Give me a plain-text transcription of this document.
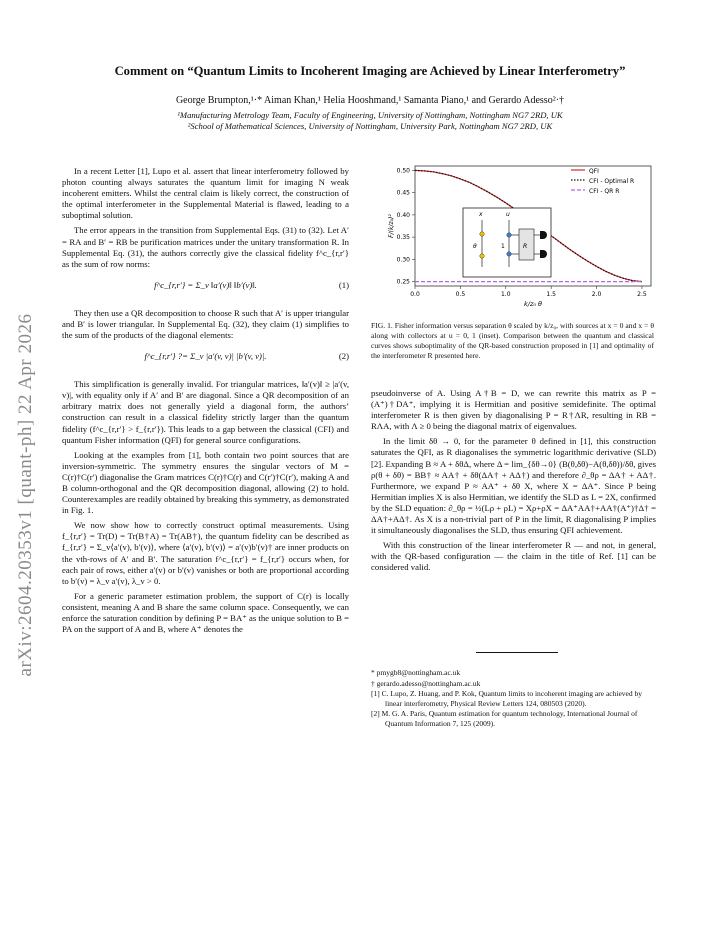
arXiv:2604.20353v1 [quant-ph] 22 Apr 2026
Comment on “Quantum Limits to Incoherent Imaging are Achieved by Linear Interferometry”
George Brumpton,¹·* Aiman Khan,¹ Helia Hooshmand,¹ Samanta Piano,¹ and Gerardo Adesso²·†
¹Manufacturing Metrology Team, Faculty of Engineering, University of Nottingham, Nottingham NG7 2RD, UK
²School of Mathematical Sciences, University of Nottingham, University Park, Nottingham NG7 2RD, UK

In a recent Letter [1], Lupo et al. assert that linear interferometry followed by photon counting always saturates the quantum limit for imaging N weak incoherent emitters. Whilst the central claim is likely correct, the construction of the optimal interferometer in the Supplemental Material is flawed, leading to a suboptimal solution.

The error appears in the transition from Supplemental Eqs. (31) to (32). Let A′ = RA and B′ = RB be purification matrices under the unitary transformation R. In Supplemental Eq. (31), the authors correctly give the classical fidelity f^c_{r,r′} as the sum of row norms:

f^c_{r,r′} = Σ_v ‖a′(v)‖ ‖b′(v)‖.	(1)

They then use a QR decomposition to choose R such that A′ is upper triangular and B′ is lower triangular. In Supplemental Eq. (32), they claim (1) simplifies to the sum of the products of the diagonal elements:

f^c_{r,r′} ?= Σ_v |a′(v, v)| |b′(v, v)|.	(2)

This simplification is generally invalid. For triangular matrices, ‖a′(v)‖ ≥ |a′(v, v)|, with equality only if A′ and B′ are diagonal. Since a QR decomposition of an arbitrary matrix does not generally yield a diagonal form, the authors’ construction can result in a classical fidelity strictly larger than the quantum fidelity (f^c_{r,r′} > f_{r,r′}). This leads to a gap between the classical (CFI) and quantum Fisher information (QFI) for general source configurations.

Looking at the examples from [1], both contain two point sources that are inversion-symmetric. The symmetry ensures the singular vectors of M = C(r)†C(r′) diagonalise the Gram matrices C(r)†C(r) and C(r′)†C(r′), making A and B column-orthogonal and the QR decomposition diagonal, allowing (2) to hold. Counterexamples are readily obtained by breaking this symmetry, as demonstrated in Fig. 1.

We now show how to correctly construct optimal measurements. Using f_{r,r′} = Tr(D) = Tr(B†A) = Tr(AB†), the quantum fidelity can be described as f_{r,r′} = Σ_v⟨a′(v), b′(v)⟩, where ⟨a′(v), b′(v)⟩ = a′(v)b′(v)† are inner products on the vth-rows of A′ and B′. The saturation f^c_{r,r′} = f_{r,r′} occurs when, for each pair of rows, either a′(v) or b′(v) vanishes or both are proportional according to b′(v) = λ_v a′(v), λ_v > 0.

For a generic parameter estimation problem, the support of C(r) is locally consistent, meaning A and B share the same column space. Consequently, we can enforce the saturation condition by defining P = BA⁺ as the unique solution to B = PA on the support of A and B, where A⁺ denotes the

0.0	0.5	1.0	1.5	2.0	2.5
0.25
0.30
0.35
0.40
0.45
0.50
k/z₀ θ
F/(k/z₀)²
QFI
CFI - Optimal R
CFI - QR R
x
θ
u
1	R
FIG. 1. Fisher information versus separation θ scaled by k/z₀, with sources at x = 0 and x = θ along with collectors at u = 0, 1 (inset). Comparison between the quantum and classical curves shows suboptimality of the QR-based construction proposed in [1] and optimality of the interferometer R presented here.

pseudoinverse of A. Using A†B = D, we can rewrite this matrix as P = (A⁺)†DA⁺, implying it is Hermitian and positive semidefinite. The optimal interferometer R is then given by diagonalising P = R†ΛR, resulting in RB = RΛA, with Λ ≥ 0 being the diagonal matrix of eigenvalues.

In the limit δθ → 0, for the parameter θ defined in [1], this construction saturates the QFI, as R diagonalises the symmetric logarithmic derivative (SLD) [2]. Expanding B ≈ A + δθΔ, where Δ = lim_{δθ→0} (B(θ,δθ)−A(θ,δθ))/δθ, gives ρ(θ + δθ) = BB† ≈ AA† + δθ(ΔA† + AΔ†) and therefore ∂_θρ = ΔA† + AΔ†. Furthermore, we expand P ≈ AA⁺ + δθ X, where X = ΔA⁺. Since P being Hermitian implies X is also Hermitian, we identify the SLD as L = 2X, confirmed by the SLD equation: ∂_θρ = ½(Lρ + ρL) = Xρ+ρX = ΔA⁺AA†+AA†(A⁺)†Δ† = ΔA†+AΔ†. As X is a non-trivial part of P in the limit, R diagonalising P implies it simultaneously diagonalises the SLD, thus ensuring QFI achievement.

With this construction of the linear interferometer R — and not, in general, with the QR-based configuration — the claim in the title of Ref. [1] can be considered valid.

* pmygb8@nottingham.ac.uk
† gerardo.adesso@nottingham.ac.uk
[1] C. Lupo, Z. Huang, and P. Kok, Quantum limits to incoherent imaging are achieved by linear interferometry, Physical Review Letters 124, 080503 (2020).
[2] M. G. A. Paris, Quantum estimation for quantum technology, International Journal of Quantum Information 7, 125 (2009).
